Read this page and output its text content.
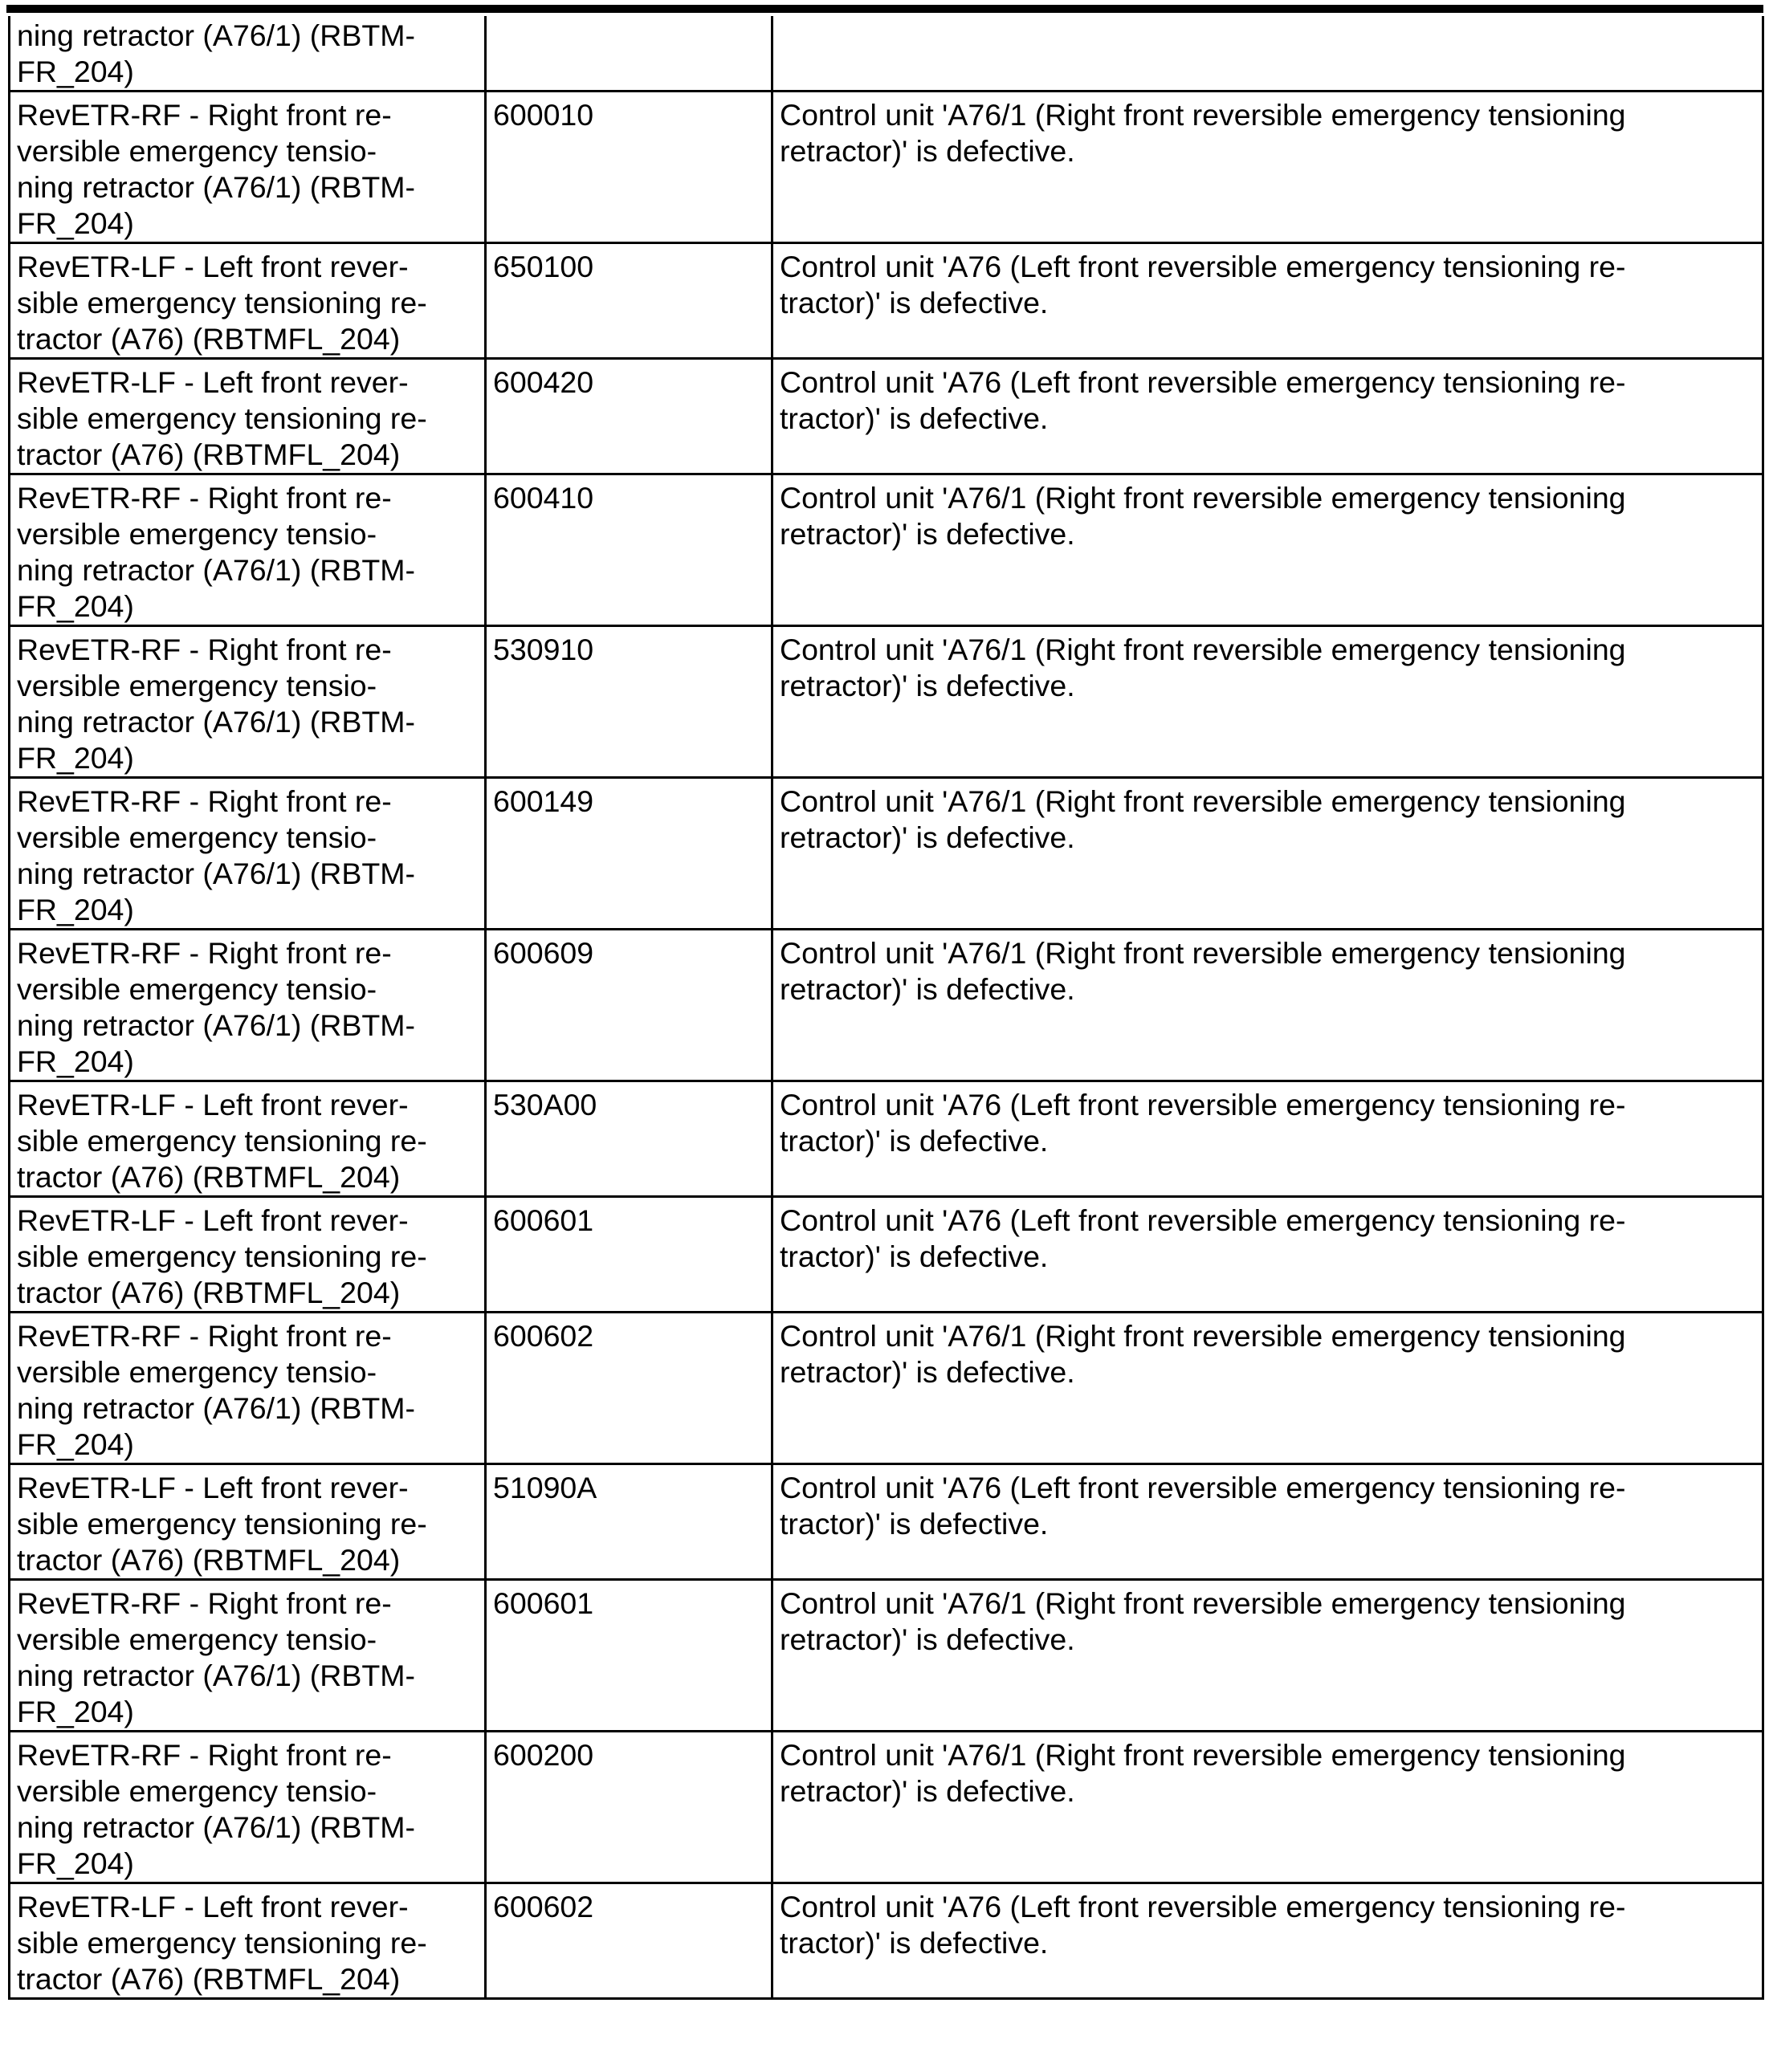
ning retractor (A76/1) (RBTM-
FR_204)		
RevETR-RF - Right front re-
versible emergency tensio-
ning retractor (A76/1) (RBTM-
FR_204)	600010	Control unit 'A76/1 (Right front reversible emergency tensioning
retractor)' is defective.
RevETR-LF - Left front rever-
sible emergency tensioning re-
tractor (A76) (RBTMFL_204)	650100	Control unit 'A76 (Left front reversible emergency tensioning re-
tractor)' is defective.
RevETR-LF - Left front rever-
sible emergency tensioning re-
tractor (A76) (RBTMFL_204)	600420	Control unit 'A76 (Left front reversible emergency tensioning re-
tractor)' is defective.
RevETR-RF - Right front re-
versible emergency tensio-
ning retractor (A76/1) (RBTM-
FR_204)	600410	Control unit 'A76/1 (Right front reversible emergency tensioning
retractor)' is defective.
RevETR-RF - Right front re-
versible emergency tensio-
ning retractor (A76/1) (RBTM-
FR_204)	530910	Control unit 'A76/1 (Right front reversible emergency tensioning
retractor)' is defective.
RevETR-RF - Right front re-
versible emergency tensio-
ning retractor (A76/1) (RBTM-
FR_204)	600149	Control unit 'A76/1 (Right front reversible emergency tensioning
retractor)' is defective.
RevETR-RF - Right front re-
versible emergency tensio-
ning retractor (A76/1) (RBTM-
FR_204)	600609	Control unit 'A76/1 (Right front reversible emergency tensioning
retractor)' is defective.
RevETR-LF - Left front rever-
sible emergency tensioning re-
tractor (A76) (RBTMFL_204)	530A00	Control unit 'A76 (Left front reversible emergency tensioning re-
tractor)' is defective.
RevETR-LF - Left front rever-
sible emergency tensioning re-
tractor (A76) (RBTMFL_204)	600601	Control unit 'A76 (Left front reversible emergency tensioning re-
tractor)' is defective.
RevETR-RF - Right front re-
versible emergency tensio-
ning retractor (A76/1) (RBTM-
FR_204)	600602	Control unit 'A76/1 (Right front reversible emergency tensioning
retractor)' is defective.
RevETR-LF - Left front rever-
sible emergency tensioning re-
tractor (A76) (RBTMFL_204)	51090A	Control unit 'A76 (Left front reversible emergency tensioning re-
tractor)' is defective.
RevETR-RF - Right front re-
versible emergency tensio-
ning retractor (A76/1) (RBTM-
FR_204)	600601	Control unit 'A76/1 (Right front reversible emergency tensioning
retractor)' is defective.
RevETR-RF - Right front re-
versible emergency tensio-
ning retractor (A76/1) (RBTM-
FR_204)	600200	Control unit 'A76/1 (Right front reversible emergency tensioning
retractor)' is defective.
RevETR-LF - Left front rever-
sible emergency tensioning re-
tractor (A76) (RBTMFL_204)	600602	Control unit 'A76 (Left front reversible emergency tensioning re-
tractor)' is defective.
